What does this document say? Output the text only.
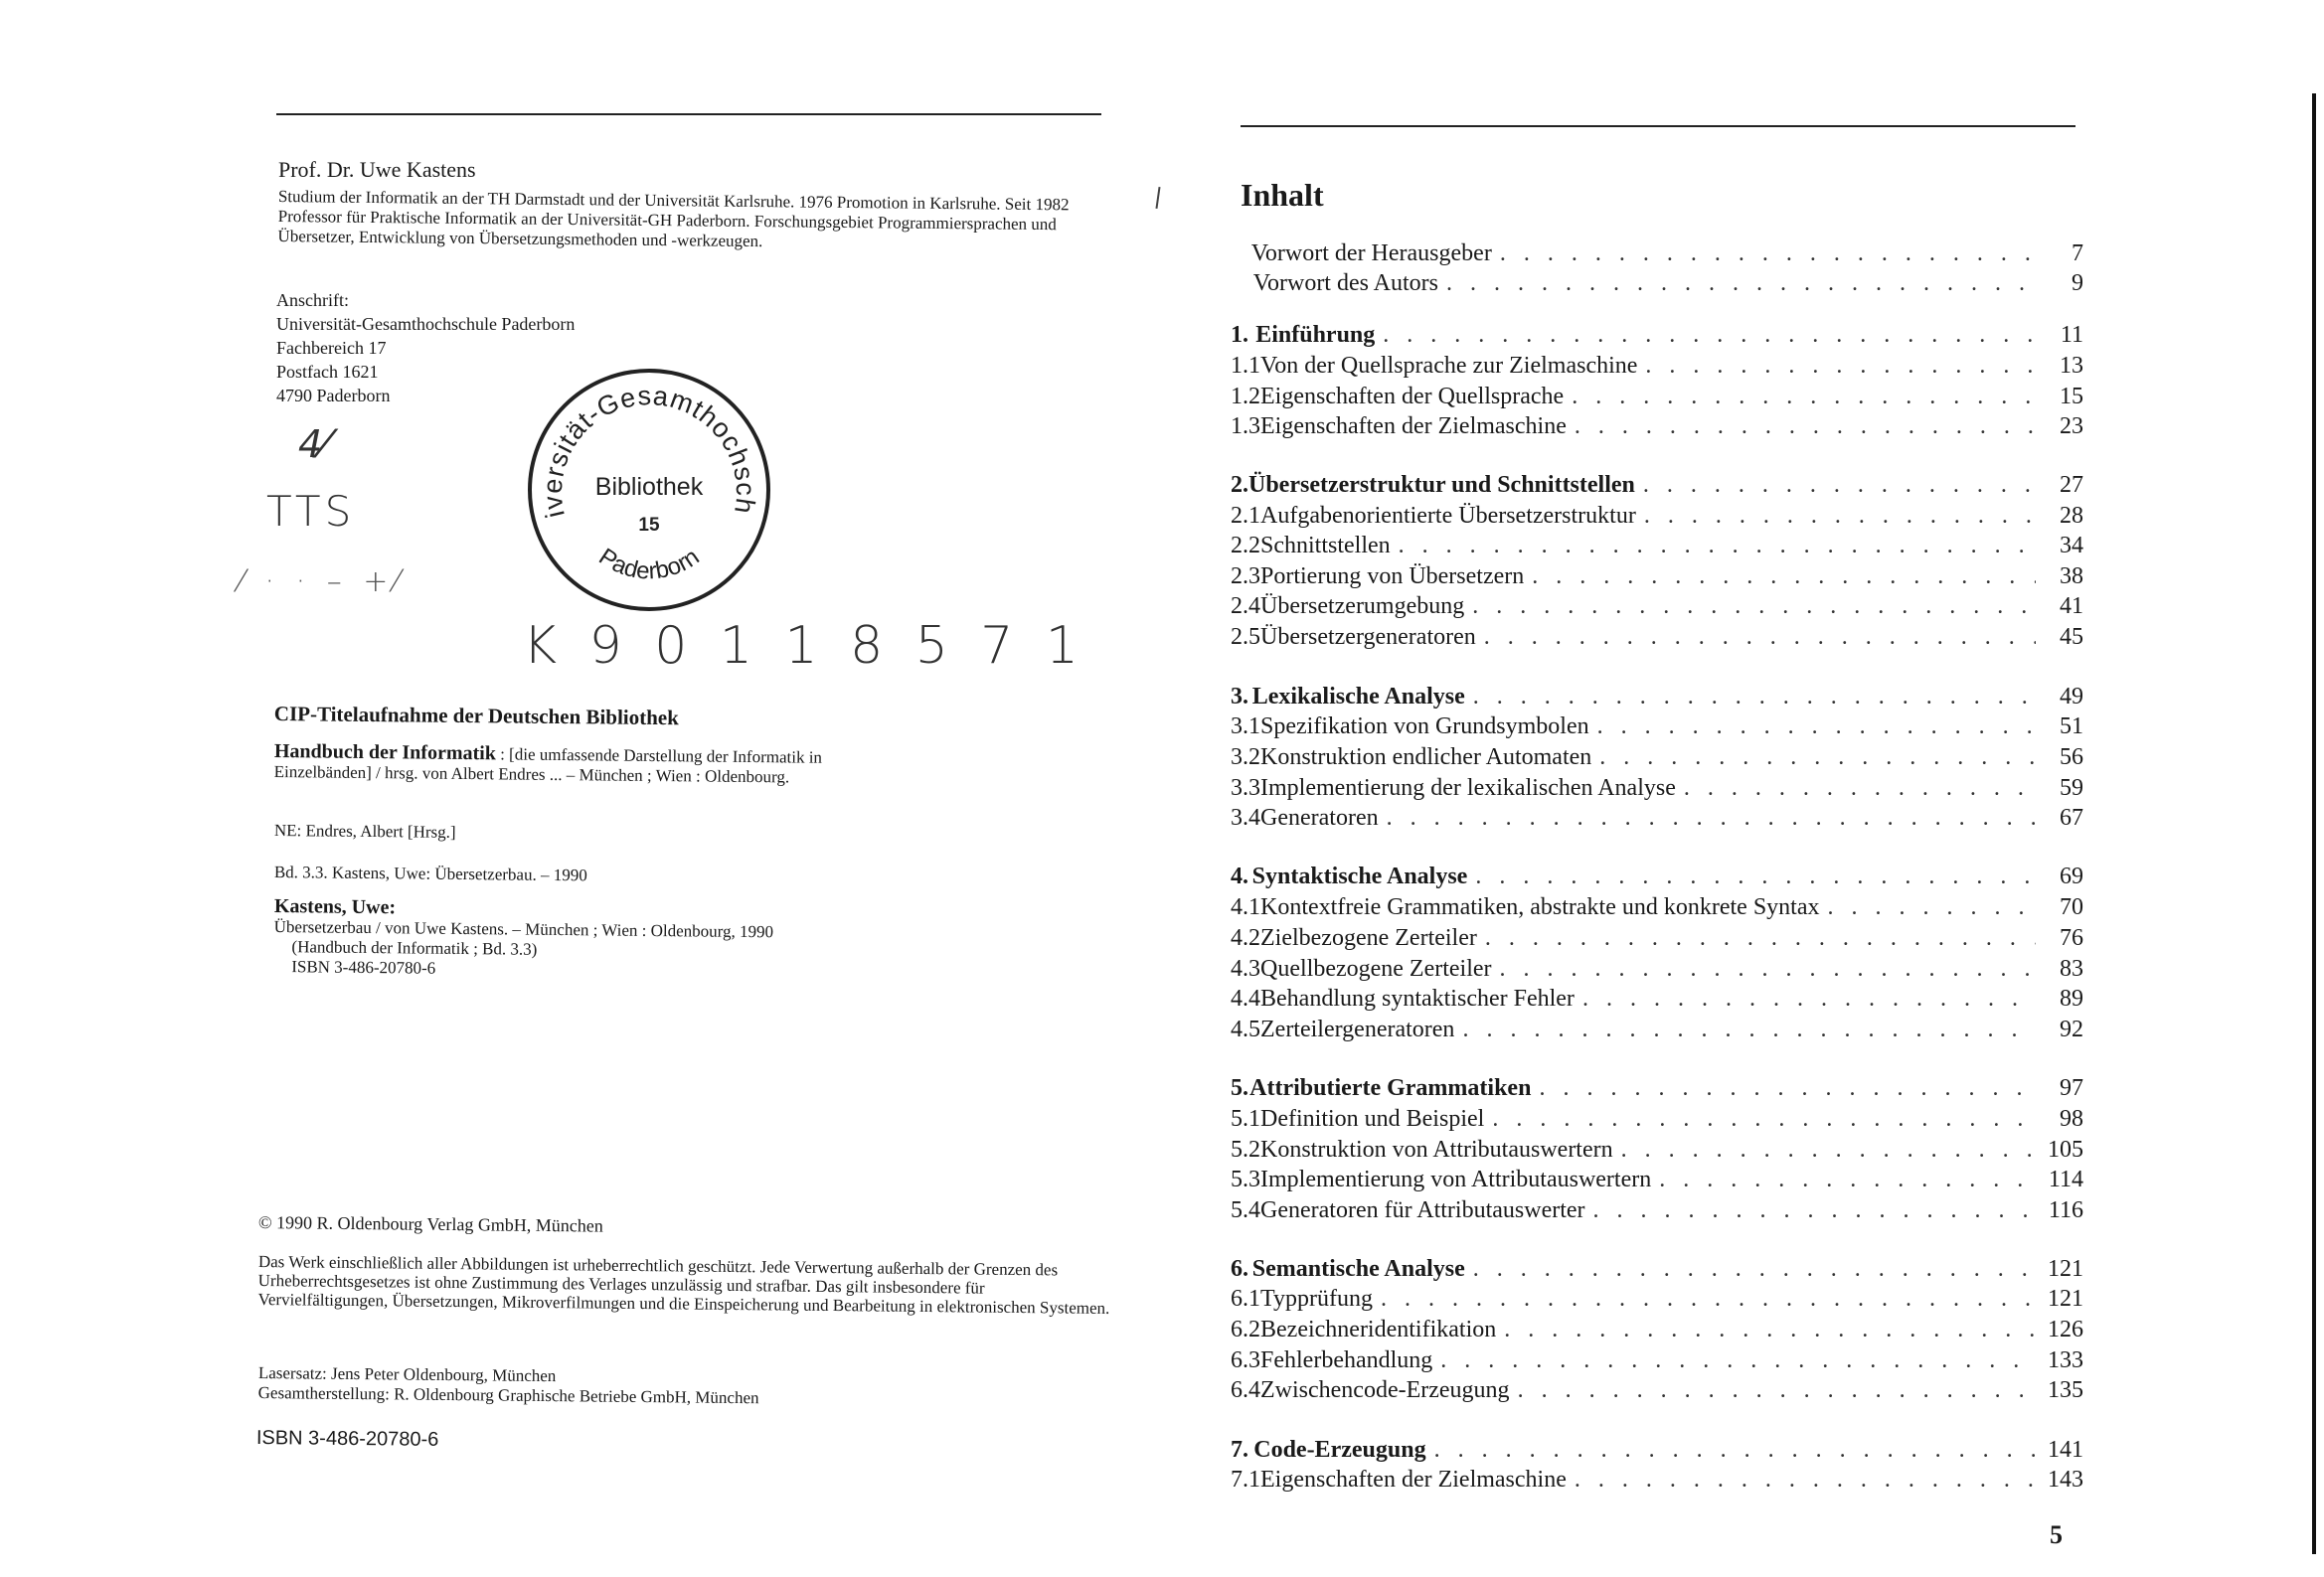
Prof. Dr. Uwe Kastens
Studium der Informatik an der TH Darmstadt und der Universität Karlsruhe. 1976 Promotion in Karlsruhe. Seit 1982 Professor für Praktische Informatik an der Universität-GH Paderborn. Forschungsgebiet Programmiersprachen und Übersetzer, Entwicklung von Übersetzungsmethoden und -werkzeugen.
Anschrift:
Universität-Gesamthochschule Paderborn
Fachbereich 17
Postfach 1621
4790 Paderborn
CIP-Titelaufnahme der Deutschen Bibliothek
Handbuch der Informatik : [die umfassende Darstellung der Informatik in Einzelbänden] / hrsg. von Albert Endres ... – München ; Wien : Oldenbourg.
NE: Endres, Albert [Hrsg.]
Bd. 3.3. Kastens, Uwe: Übersetzerbau. – 1990
Kastens, Uwe:
Übersetzerbau / von Uwe Kastens. – München ; Wien : Oldenbourg, 1990
(Handbuch der Informatik ; Bd. 3.3)
ISBN 3-486-20780-6
© 1990 R. Oldenbourg Verlag GmbH, München
Das Werk einschließlich aller Abbildungen ist urheberrechtlich geschützt. Jede Verwertung außerhalb der Grenzen des Urheberrechtsgesetzes ist ohne Zustimmung des Verlages unzulässig und strafbar. Das gilt insbesondere für Vervielfältigungen, Übersetzungen, Mikroverfilmungen und die Einspeicherung und Bearbeitung in elektronischen Systemen.
Lasersatz: Jens Peter Oldenbourg, München
Gesamtherstellung: R. Oldenbourg Graphische Betriebe GmbH, München
ISBN 3-486-20780-6
4⁄
TTS
⁄ · · – +⁄
K 9 0 1 1 8 5 7 1
iversität-Gesamthochsch
Paderborn
Bibliothek
15
Inhalt
Vorwort der Herausgeber . . .	7
Vorwort des Autors . . .	9
1. Einführung . . .	11
1.1 Von der Quellsprache zur Zielmaschine . . .	13
1.2 Eigenschaften der Quellsprache . . .	15
1.3 Eigenschaften der Zielmaschine . . .	23
2. Übersetzerstruktur und Schnittstellen . . .	27
2.1 Aufgabenorientierte Übersetzerstruktur . . .	28
2.2 Schnittstellen . . .	34
2.3 Portierung von Übersetzern . . .	38
2.4 Übersetzerumgebung . . .	41
2.5 Übersetzergeneratoren . . .	45
3. Lexikalische Analyse . . .	49
3.1 Spezifikation von Grundsymbolen . . .	51
3.2 Konstruktion endlicher Automaten . . .	56
3.3 Implementierung der lexikalischen Analyse . . .	59
3.4 Generatoren . . .	67
4. Syntaktische Analyse . . .	69
4.1 Kontextfreie Grammatiken, abstrakte und konkrete Syntax . . .	70
4.2 Zielbezogene Zerteiler . . .	76
4.3 Quellbezogene Zerteiler . . .	83
4.4 Behandlung syntaktischer Fehler . . .	89
4.5 Zerteilergeneratoren . . .	92
5. Attributierte Grammatiken . . .	97
5.1 Definition und Beispiel . . .	98
5.2 Konstruktion von Attributauswertern . . .	105
5.3 Implementierung von Attributauswertern . . .	114
5.4 Generatoren für Attributauswerter . . .	116
6. Semantische Analyse . . .	121
6.1 Typprüfung . . .	121
6.2 Bezeichneridentifikation . . .	126
6.3 Fehlerbehandlung . . .	133
6.4 Zwischencode-Erzeugung . . .	135
7. Code-Erzeugung . . .	141
7.1 Eigenschaften der Zielmaschine . . .	143
5
